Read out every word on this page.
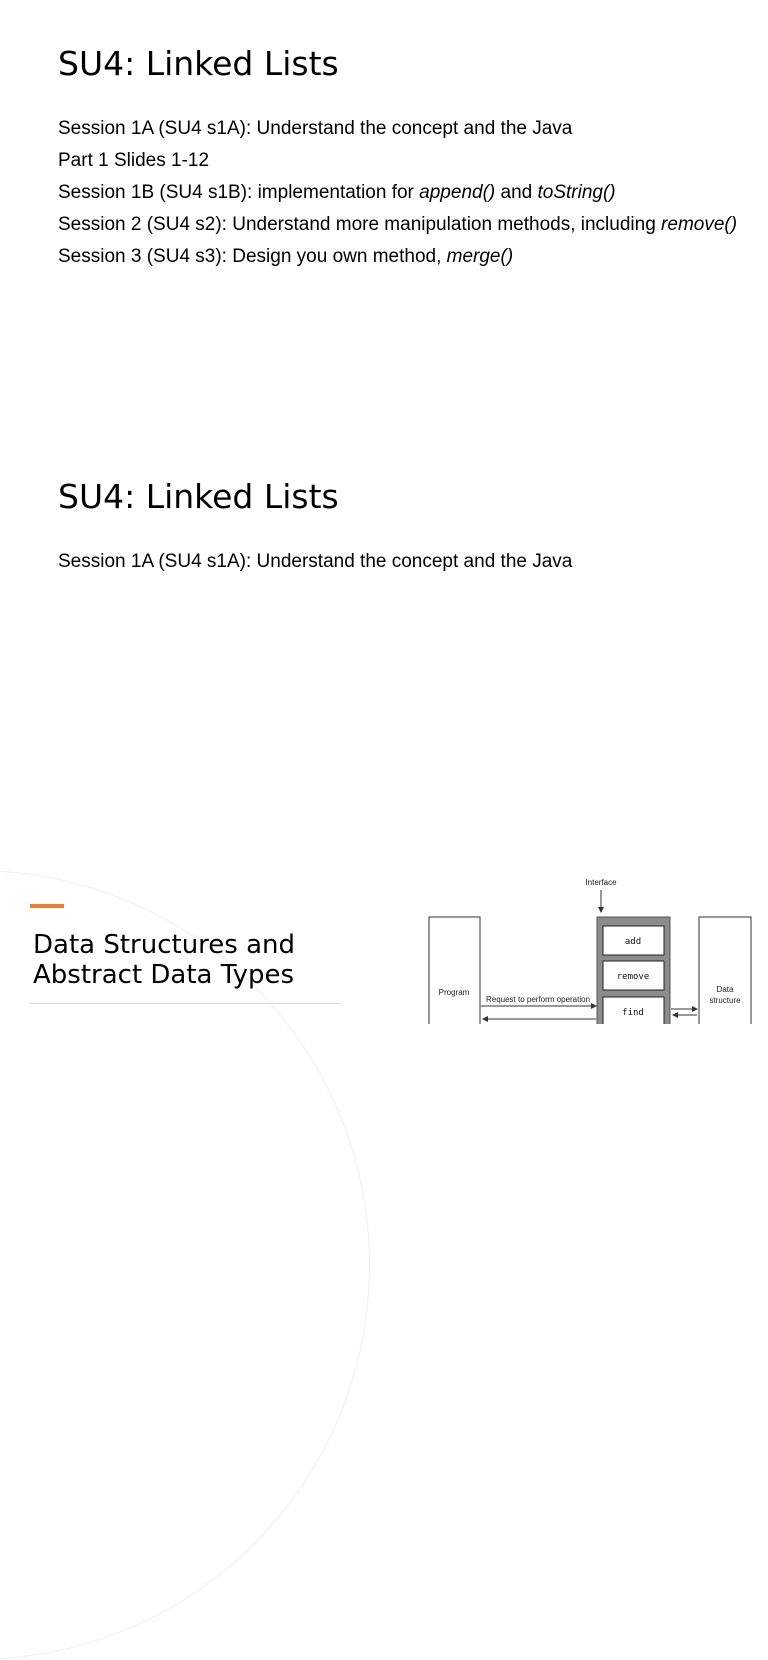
SU4: Linked Lists

Session 1A (SU4 s1A): Understand the concept and the Java

Part 1 Slides 1-12

Session 1B (SU4 s1B): implementation for append() and toString()

Session 2 (SU4 s2): Understand more manipulation methods, including remove()

Session 3 (SU4 s3): Design you own method, merge()

SU4: Linked Lists

Session 1A (SU4 s1A): Understand the concept and the Java

Data Structures and
Abstract Data Types
Interface
Program
Request to perform operation
add
remove
find
Data
structure
